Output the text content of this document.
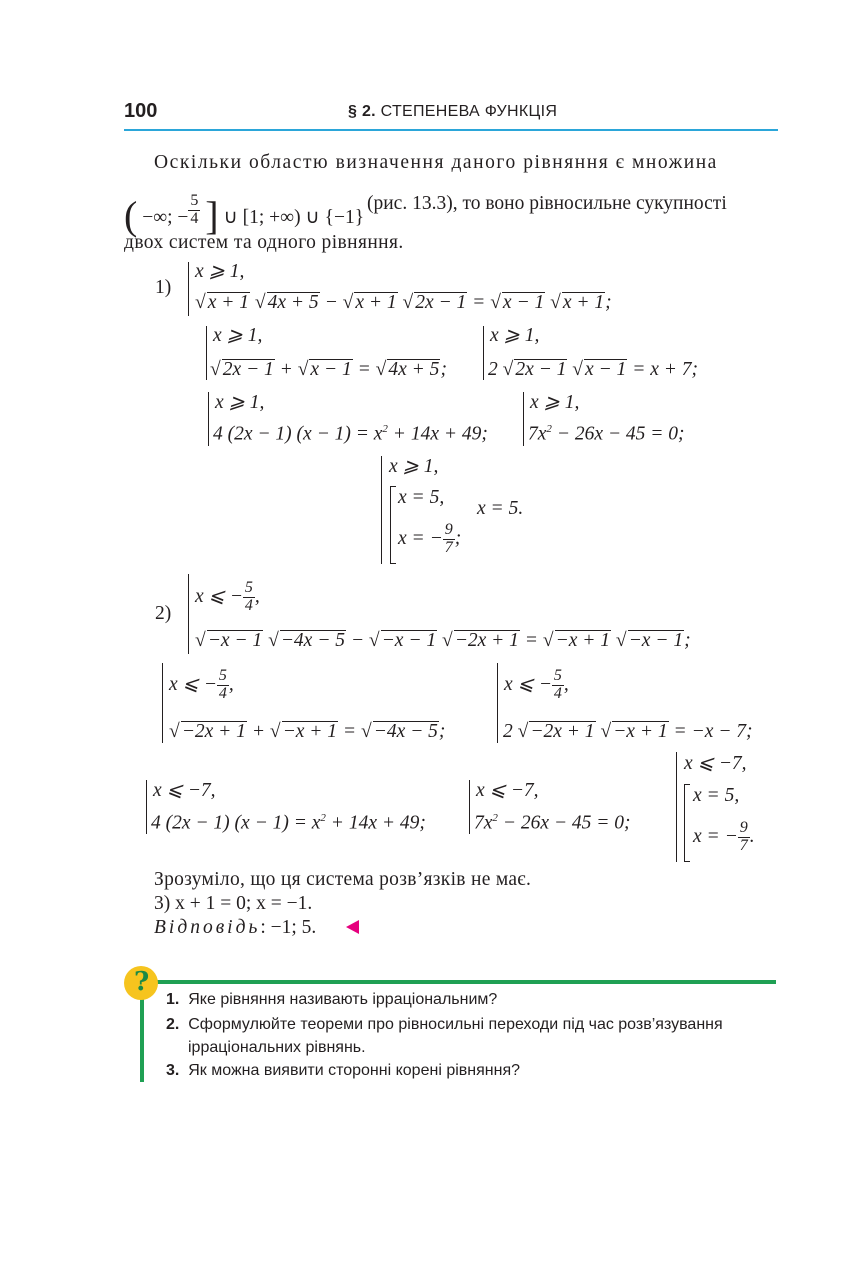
100	§ 2. СТЕПЕНЕВА ФУНКЦІЯ
Оскільки областю визначення даного рівняння є множина
( −∞; − $\frac{5}{4}$ ] ∪ [1; +∞) ∪ {−1}
(рис. 13.3), то воно рівносильне сукупності
двох систем та одного рівняння.
1)
x ⩾ 1,
√ x + 1 √ 4x + 5 − √ x + 1 √ 2x − 1 = √ x − 1 √ x + 1;
x ⩾ 1,
√ 2x − 1 + √ x − 1 = √ 4x + 5;
x ⩾ 1,
2 √ 2x − 1 √ x − 1 = x + 7;
x ⩾ 1,
4 (2x − 1) $(x - 1) = x^2 + 14x + 49$;
x ⩾ 1,
$7x^2 - 26x - 45 = 0$;
x ⩾ 1,
x = 5,
x = − $\frac{9}{7}$ ;
x = 5.
2)
x ⩽ − $\frac{5}{4}$ ,
√ −x − 1 √ −4x − 5 − √ −x − 1 √ −2x + 1 = √ −x + 1 √ −x − 1;
x ⩽ − $\frac{5}{4}$ ,
√ −2x + 1 + √ −x + 1 = √ −4x − 5;
x ⩽ − $\frac{5}{4}$ ,
2 √ −2x + 1 √ −x + 1 = −x − 7;
x ⩽ −7,
4 (2x − 1) $(x - 1) = x^2 + 14x + 49$;
x ⩽ −7,
$7x^2 - 26x - 45 = 0$;
x ⩽ −7,
x = 5,
x = − $\frac{9}{7}$ .
Зрозуміло, що ця система розв’язків не має.
3) x + 1 = 0; x = −1.
Відповідь: −1; 5.
?
1. Яке рівняння називають ірраціональним?
2. Сформулюйте теореми про рівносильні переходи під час розв’язування
ірраціональних рівнянь.
3. Як можна виявити сторонні корені рівняння?
